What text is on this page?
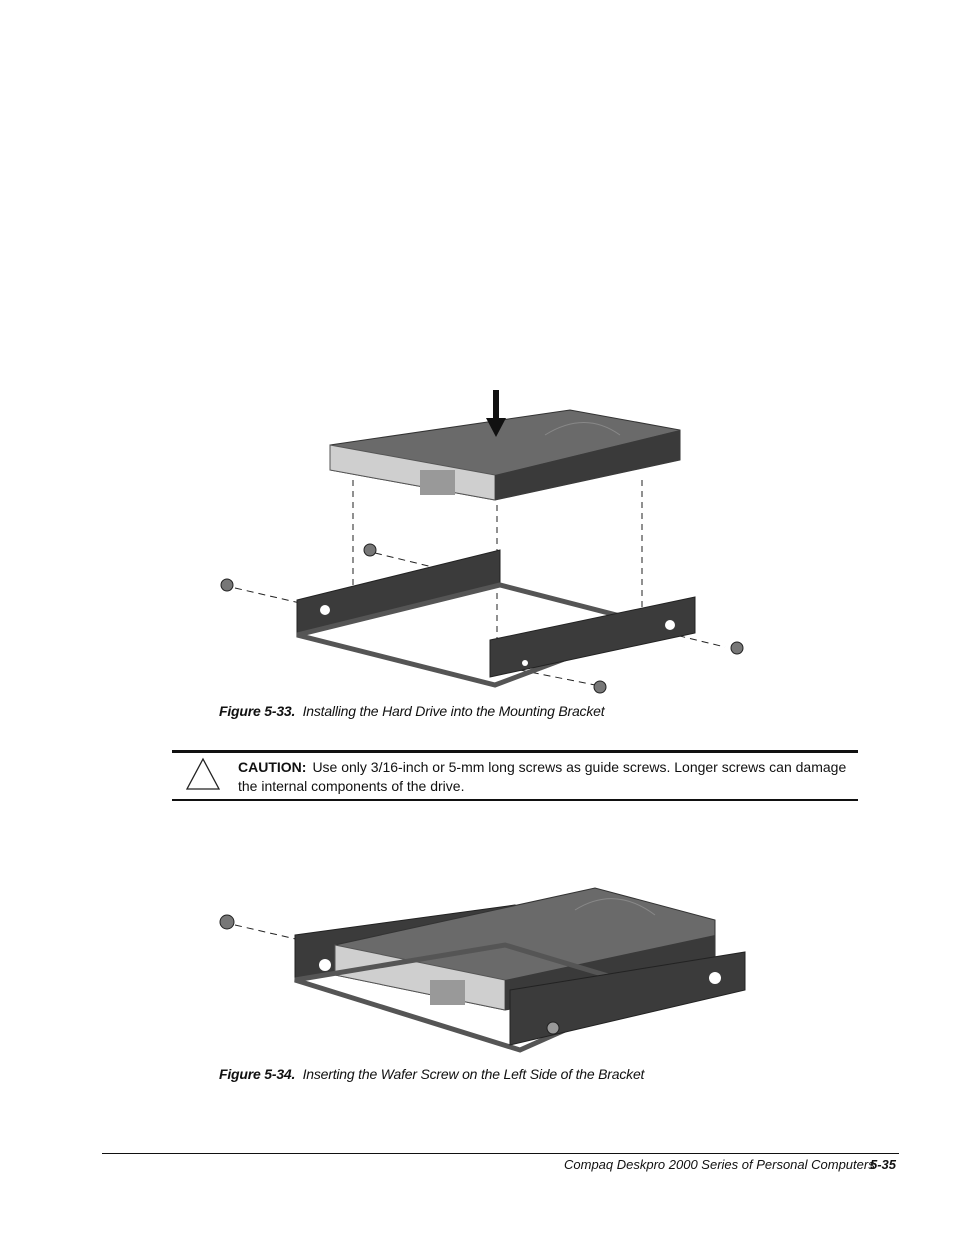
Figure 5-33. Installing the Hard Drive into the Mounting Bracket
CAUTION: Use only 3/16-inch or 5-mm long screws as guide screws. Longer screws can damage the internal components of the drive.
Figure 5-34. Inserting the Wafer Screw on the Left Side of the Bracket
Compaq Deskpro 2000 Series of Personal Computers
5-35
